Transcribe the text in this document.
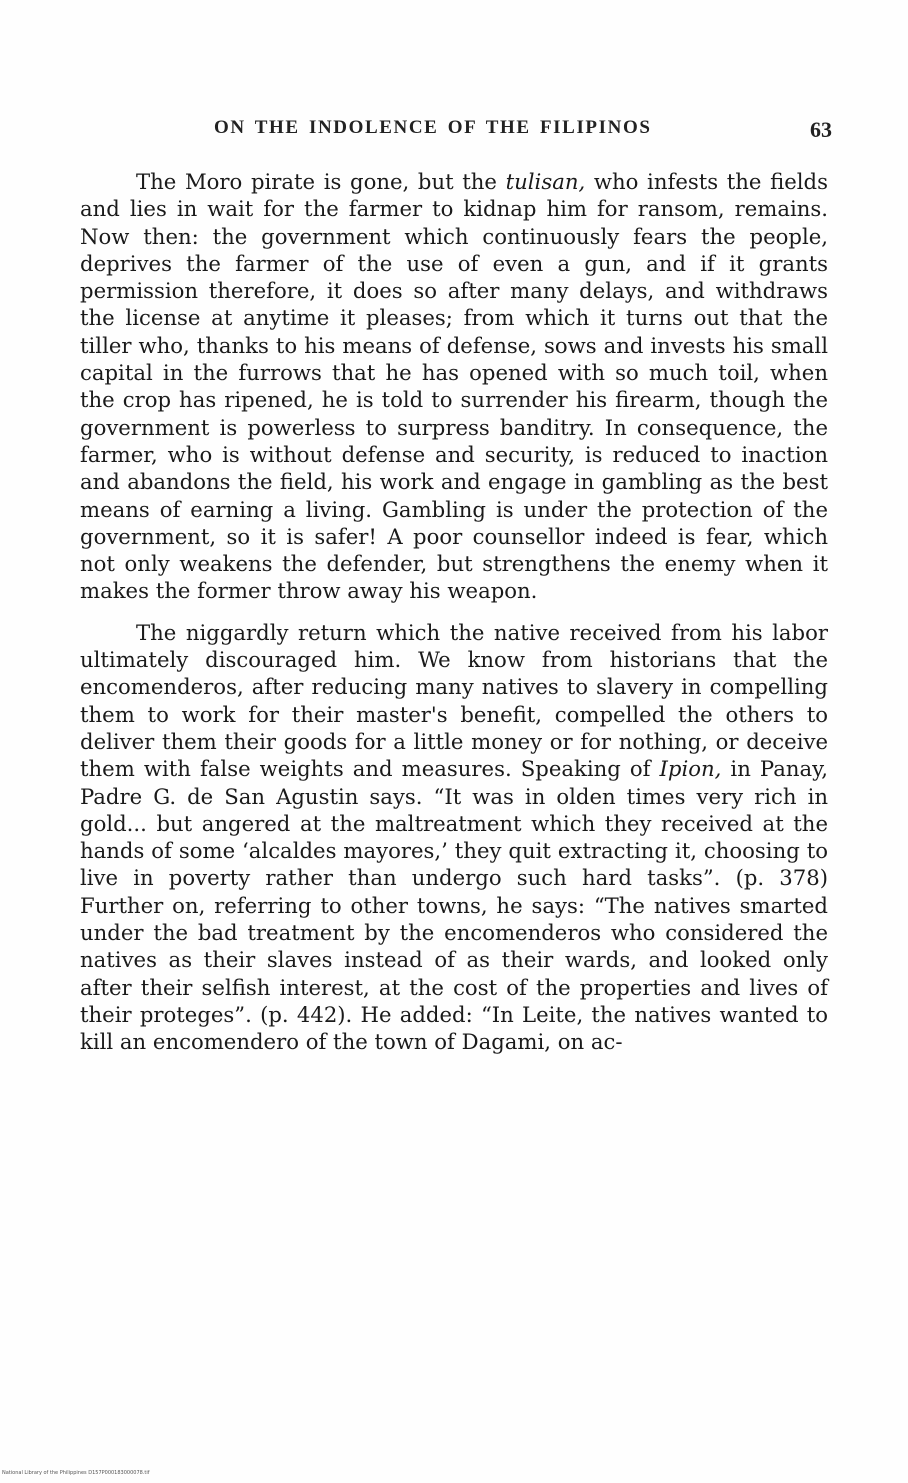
ON THE INDOLENCE OF THE FILIPINOS	63

The Moro pirate is gone, but the tulisan, who infests the fields and lies in wait for the farmer to kidnap him for ransom, remains. Now then: the government which continuously fears the people, deprives the farmer of the use of even a gun, and if it grants permission therefore, it does so after many delays, and withdraws the license at anytime it pleases; from which it turns out that the tiller who, thanks to his means of defense, sows and invests his small capital in the furrows that he has opened with so much toil, when the crop has ripened, he is told to surrender his firearm, though the government is powerless to surpress banditry. In consequence, the farmer, who is without defense and security, is reduced to inaction and abandons the field, his work and engage in gambling as the best means of earning a living. Gambling is under the protection of the government, so it is safer! A poor counsellor indeed is fear, which not only weakens the defender, but strengthens the enemy when it makes the former throw away his weapon.

The niggardly return which the native received from his labor ultimately discouraged him. We know from historians that the encomenderos, after reducing many natives to slavery in compelling them to work for their master's benefit, compelled the others to deliver them their goods for a little money or for nothing, or deceive them with false weights and measures. Speaking of Ipion, in Panay, Padre G. de San Agustin says. “It was in olden times very rich in gold... but angered at the maltreatment which they received at the hands of some ‘alcaldes mayores,’ they quit extracting it, choosing to live in poverty rather than undergo such hard tasks”. (p. 378) Further on, referring to other towns, he says: “The natives smarted under the bad treatment by the encomenderos who considered the natives as their slaves instead of as their wards, and looked only after their selfish interest, at the cost of the properties and lives of their proteges”. (p. 442). He added: “In Leite, the natives wanted to kill an encomendero of the town of Dagami, on ac-

National Library of the Philippines D157P000183000078.tif
